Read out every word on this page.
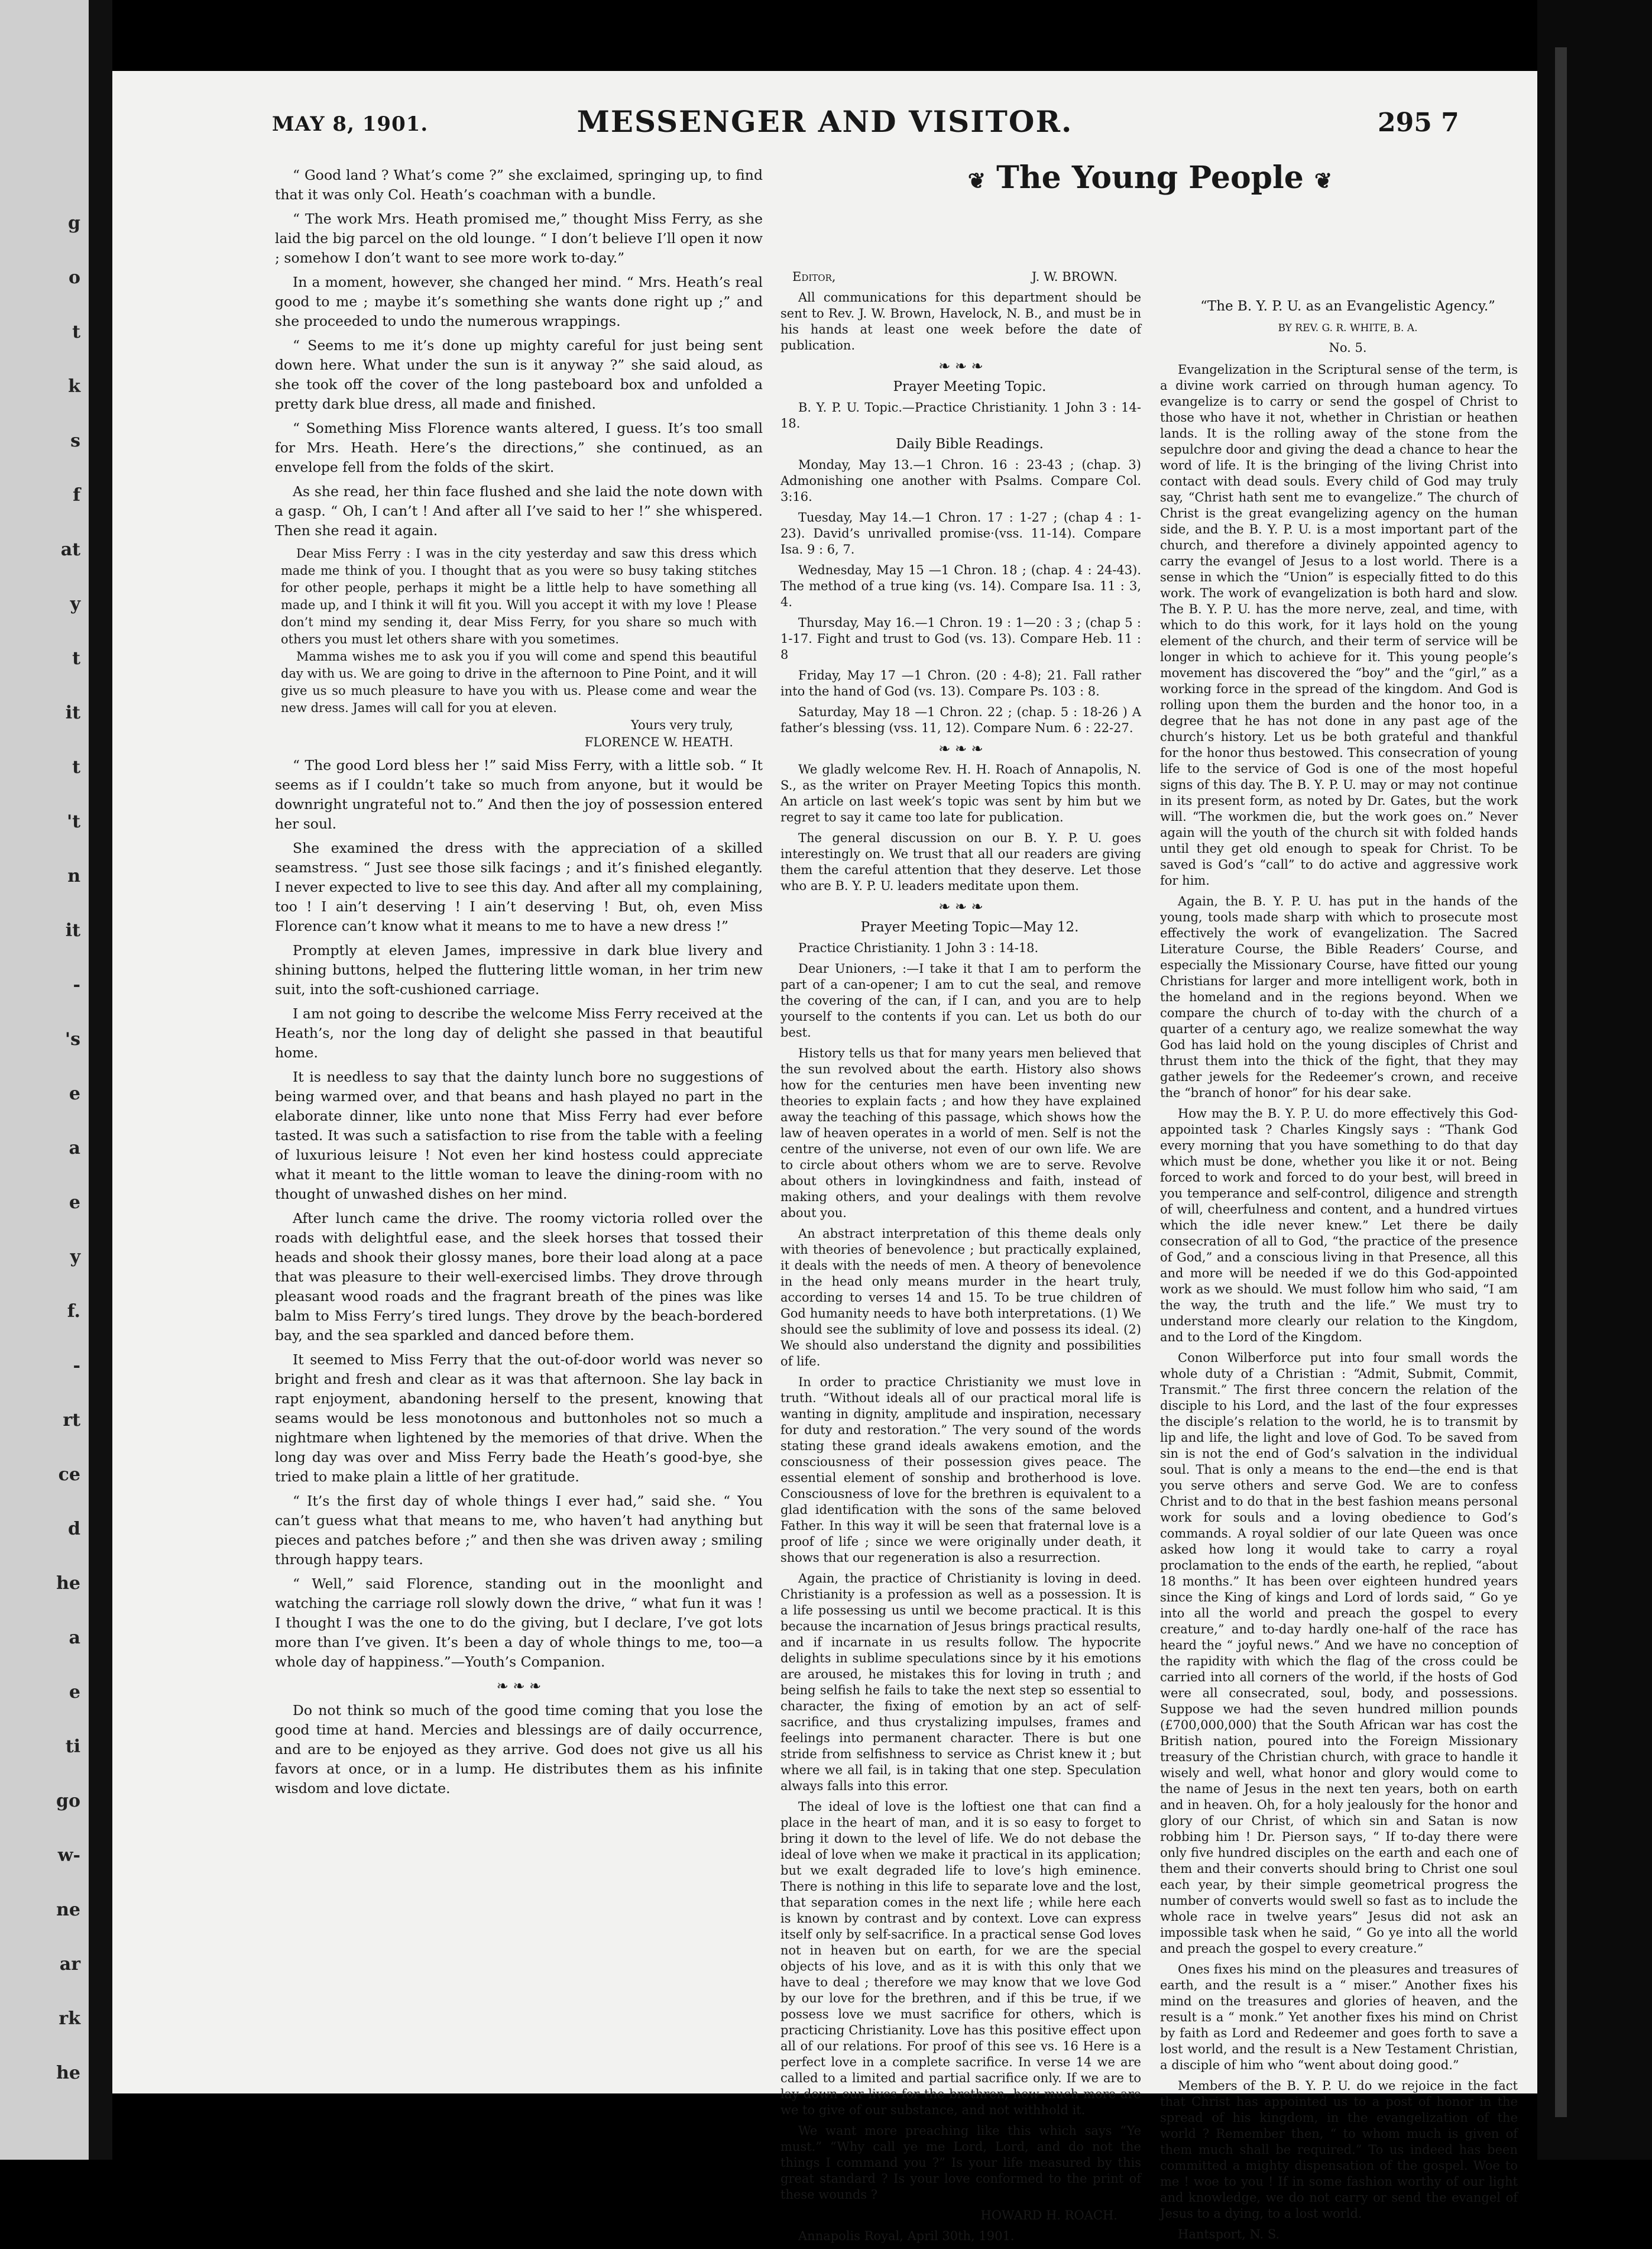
g
o
t
k
s
f
at
y
t
it
t
't
n
it
-
's
e
a
e
y
f.
-
rt
ce
d
he
a
e
ti
go
w-
ne
ar
rk
he
MESSENGER AND VISITOR.
MAY 8, 1901.	295 7

“ Good land ? What’s come ?” she exclaimed, springing up, to find that it was only Col. Heath’s coachman with a bundle.

“ The work Mrs. Heath promised me,” thought Miss Ferry, as she laid the big parcel on the old lounge. “ I don’t believe I’ll open it now ; somehow I don’t want to see more work to-day.”

In a moment, however, she changed her mind. “ Mrs. Heath’s real good to me ; maybe it’s something she wants done right up ;” and she proceeded to undo the numerous wrappings.

“ Seems to me it’s done up mighty careful for just being sent down here. What under the sun is it anyway ?” she said aloud, as she took off the cover of the long pasteboard box and unfolded a pretty dark blue dress, all made and finished.

“ Something Miss Florence wants altered, I guess. It’s too small for Mrs. Heath. Here’s the directions,” she continued, as an envelope fell from the folds of the skirt.

As she read, her thin face flushed and she laid the note down with a gasp. “ Oh, I can’t ! And after all I’ve said to her !” she whispered. Then she read it again.

Dear Miss Ferry : I was in the city yesterday and saw this dress which made me think of you. I thought that as you were so busy taking stitches for other people, perhaps it might be a little help to have something all made up, and I think it will fit you. Will you accept it with my love ! Please don’t mind my sending it, dear Miss Ferry, for you share so much with others you must let others share with you sometimes.

Mamma wishes me to ask you if you will come and spend this beautiful day with us. We are going to drive in the afternoon to Pine Point, and it will give us so much pleasure to have you with us. Please come and wear the new dress. James will call for you at eleven.

Yours very truly,

FLORENCE W. HEATH.

“ The good Lord bless her !” said Miss Ferry, with a little sob. “ It seems as if I couldn’t take so much from anyone, but it would be downright ungrateful not to.” And then the joy of possession entered her soul.

She examined the dress with the appreciation of a skilled seamstress. “ Just see those silk facings ; and it’s finished elegantly. I never expected to live to see this day. And after all my complaining, too ! I ain’t deserving ! I ain’t deserving ! But, oh, even Miss Florence can’t know what it means to me to have a new dress !”

Promptly at eleven James, impressive in dark blue livery and shining buttons, helped the fluttering little woman, in her trim new suit, into the soft-cushioned carriage.

I am not going to describe the welcome Miss Ferry received at the Heath’s, nor the long day of delight she passed in that beautiful home.

It is needless to say that the dainty lunch bore no suggestions of being warmed over, and that beans and hash played no part in the elaborate dinner, like unto none that Miss Ferry had ever before tasted. It was such a satisfaction to rise from the table with a feeling of luxurious leisure ! Not even her kind hostess could appreciate what it meant to the little woman to leave the dining-room with no thought of unwashed dishes on her mind.

After lunch came the drive. The roomy victoria rolled over the roads with delightful ease, and the sleek horses that tossed their heads and shook their glossy manes, bore their load along at a pace that was pleasure to their well-exercised limbs. They drove through pleasant wood roads and the fragrant breath of the pines was like balm to Miss Ferry’s tired lungs. They drove by the beach-bordered bay, and the sea sparkled and danced before them.

It seemed to Miss Ferry that the out-of-door world was never so bright and fresh and clear as it was that afternoon. She lay back in rapt enjoyment, abandoning herself to the present, knowing that seams would be less monotonous and buttonholes not so much a nightmare when lightened by the memories of that drive. When the long day was over and Miss Ferry bade the Heath’s good-bye, she tried to make plain a little of her gratitude.

“ It’s the first day of whole things I ever had,” said she. “ You can’t guess what that means to me, who haven’t had anything but pieces and patches before ;” and then she was driven away ; smiling through happy tears.

“ Well,” said Florence, standing out in the moonlight and watching the carriage roll slowly down the drive, “ what fun it was ! I thought I was the one to do the giving, but I declare, I’ve got lots more than I’ve given. It’s been a day of whole things to me, too—a whole day of happiness.”—Youth’s Companion.

❧ ❧ ❧

Do not think so much of the good time coming that you lose the good time at hand. Mercies and blessings are of daily occurrence, and are to be enjoyed as they arrive. God does not give us all his favors at once, or in a lump. He distributes them as his infinite wisdom and love dictate.

❦ The Young People ❦

Editor,	J. W. BROWN.

All communications for this department should be sent to Rev. J. W. Brown, Havelock, N. B., and must be in his hands at least one week before the date of publication.

❧ ❧ ❧

Prayer Meeting Topic.

B. Y. P. U. Topic.—Practice Christianity. 1 John 3 : 14-18.

Daily Bible Readings.

Monday, May 13.—1 Chron. 16 : 23-43 ; (chap. 3) Admonishing one another with Psalms. Compare Col. 3:16.

Tuesday, May 14.—1 Chron. 17 : 1-27 ; (chap 4 : 1-23). David’s unrivalled promise·(vss. 11-14). Compare Isa. 9 : 6, 7.

Wednesday, May 15 —1 Chron. 18 ; (chap. 4 : 24-43). The method of a true king (vs. 14). Compare Isa. 11 : 3, 4.

Thursday, May 16.—1 Chron. 19 : 1—20 : 3 ; (chap 5 : 1-17. Fight and trust to God (vs. 13). Compare Heb. 11 : 8

Friday, May 17 —1 Chron. (20 : 4-8); 21. Fall rather into the hand of God (vs. 13). Compare Ps. 103 : 8.

Saturday, May 18 —1 Chron. 22 ; (chap. 5 : 18-26 ) A father’s blessing (vss. 11, 12). Compare Num. 6 : 22-27.

❧ ❧ ❧

We gladly welcome Rev. H. H. Roach of Annapolis, N. S., as the writer on Prayer Meeting Topics this month. An article on last week’s topic was sent by him but we regret to say it came too late for publication.

The general discussion on our B. Y. P. U. goes interestingly on. We trust that all our readers are giving them the careful attention that they deserve. Let those who are B. Y. P. U. leaders meditate upon them.

❧ ❧ ❧

Prayer Meeting Topic—May 12.

Practice Christianity. 1 John 3 : 14-18.

Dear Unioners, :—I take it that I am to perform the part of a can-opener; I am to cut the seal, and remove the covering of the can, if I can, and you are to help yourself to the contents if you can. Let us both do our best.

History tells us that for many years men believed that the sun revolved about the earth. History also shows how for the centuries men have been inventing new theories to explain facts ; and how they have explained away the teaching of this passage, which shows how the law of heaven operates in a world of men. Self is not the centre of the universe, not even of our own life. We are to circle about others whom we are to serve. Revolve about others in lovingkindness and faith, instead of making others, and your dealings with them revolve about you.

An abstract interpretation of this theme deals only with theories of benevolence ; but practically explained, it deals with the needs of men. A theory of benevolence in the head only means murder in the heart truly, according to verses 14 and 15. To be true children of God humanity needs to have both interpretations. (1) We should see the sublimity of love and possess its ideal. (2) We should also understand the dignity and possibilities of life.

In order to practice Christianity we must love in truth. “Without ideals all of our practical moral life is wanting in dignity, amplitude and inspiration, necessary for duty and restoration.” The very sound of the words stating these grand ideals awakens emotion, and the consciousness of their possession gives peace. The essential element of sonship and brotherhood is love. Consciousness of love for the brethren is equivalent to a glad identification with the sons of the same beloved Father. In this way it will be seen that fraternal love is a proof of life ; since we were originally under death, it shows that our regeneration is also a resurrection.

Again, the practice of Christianity is loving in deed. Christianity is a profession as well as a possession. It is a life possessing us until we become practical. It is this because the incarnation of Jesus brings practical results, and if incarnate in us results follow. The hypocrite delights in sublime speculations since by it his emotions are aroused, he mistakes this for loving in truth ; and being selfish he fails to take the next step so essential to character, the fixing of emotion by an act of self-sacrifice, and thus crystalizing impulses, frames and feelings into permanent character. There is but one stride from selfishness to service as Christ knew it ; but where we all fail, is in taking that one step. Speculation always falls into this error.

The ideal of love is the loftiest one that can find a place in the heart of man, and it is so easy to forget to bring it down to the level of life. We do not debase the ideal of love when we make it practical in its application; but we exalt degraded life to love’s high eminence. There is nothing in this life to separate love and the lost, that separation comes in the next life ; while here each is known by contrast and by context. Love can express itself only by self-sacrifice. In a practical sense God loves not in heaven but on earth, for we are the special objects of his love, and as it is with this only that we have to deal ; therefore we may know that we love God by our love for the brethren, and if this be true, if we possess love we must sacrifice for others, which is practicing Christianity. Love has this positive effect upon all of our relations. For proof of this see vs. 16 Here is a perfect love in a complete sacrifice. In verse 14 we are called to a limited and partial sacrifice only. If we are to lay down our lives for the brethren, how much more are we to give of our substance, and not withhold it.

We want more preaching like this which says “Ye must.” “Why call ye me Lord, Lord, and do not the things I command you ?” Is your life measured by this great standard ? Is your love conformed to the print of these wounds ?

HOWARD H. ROACH.

Annapolis Royal, April 30th, 1901.

“The B. Y. P. U. as an Evangelistic Agency.”

BY REV. G. R. WHITE, B. A.

No. 5.

Evangelization in the Scriptural sense of the term, is a divine work carried on through human agency. To evangelize is to carry or send the gospel of Christ to those who have it not, whether in Christian or heathen lands. It is the rolling away of the stone from the sepulchre door and giving the dead a chance to hear the word of life. It is the bringing of the living Christ into contact with dead souls. Every child of God may truly say, “Christ hath sent me to evangelize.” The church of Christ is the great evangelizing agency on the human side, and the B. Y. P. U. is a most important part of the church, and therefore a divinely appointed agency to carry the evangel of Jesus to a lost world. There is a sense in which the “Union” is especially fitted to do this work. The work of evangelization is both hard and slow. The B. Y. P. U. has the more nerve, zeal, and time, with which to do this work, for it lays hold on the young element of the church, and their term of service will be longer in which to achieve for it. This young people’s movement has discovered the “boy” and the “girl,” as a working force in the spread of the kingdom. And God is rolling upon them the burden and the honor too, in a degree that he has not done in any past age of the church’s history. Let us be both grateful and thankful for the honor thus bestowed. This consecration of young life to the service of God is one of the most hopeful signs of this day. The B. Y. P. U. may or may not continue in its present form, as noted by Dr. Gates, but the work will. “The workmen die, but the work goes on.” Never again will the youth of the church sit with folded hands until they get old enough to speak for Christ. To be saved is God’s “call” to do active and aggressive work for him.

Again, the B. Y. P. U. has put in the hands of the young, tools made sharp with which to prosecute most effectively the work of evangelization. The Sacred Literature Course, the Bible Readers’ Course, and especially the Missionary Course, have fitted our young Christians for larger and more intelligent work, both in the homeland and in the regions beyond. When we compare the church of to-day with the church of a quarter of a century ago, we realize somewhat the way God has laid hold on the young disciples of Christ and thrust them into the thick of the fight, that they may gather jewels for the Redeemer’s crown, and receive the “branch of honor” for his dear sake.

How may the B. Y. P. U. do more effectively this God-appointed task ? Charles Kingsly says : “Thank God every morning that you have something to do that day which must be done, whether you like it or not. Being forced to work and forced to do your best, will breed in you temperance and self-control, diligence and strength of will, cheerfulness and content, and a hundred virtues which the idle never knew.” Let there be daily consecration of all to God, “the practice of the presence of God,” and a conscious living in that Presence, all this and more will be needed if we do this God-appointed work as we should. We must follow him who said, “I am the way, the truth and the life.” We must try to understand more clearly our relation to the Kingdom, and to the Lord of the Kingdom.

Conon Wilberforce put into four small words the whole duty of a Christian : “Admit, Submit, Commit, Transmit.” The first three concern the relation of the disciple to his Lord, and the last of the four expresses the disciple’s relation to the world, he is to transmit by lip and life, the light and love of God. To be saved from sin is not the end of God’s salvation in the individual soul. That is only a means to the end—the end is that you serve others and serve God. We are to confess Christ and to do that in the best fashion means personal work for souls and a loving obedience to God’s commands. A royal soldier of our late Queen was once asked how long it would take to carry a royal proclamation to the ends of the earth, he replied, “about 18 months.” It has been over eighteen hundred years since the King of kings and Lord of lords said, “ Go ye into all the world and preach the gospel to every creature,” and to-day hardly one-half of the race has heard the “ joyful news.” And we have no conception of the rapidity with which the flag of the cross could be carried into all corners of the world, if the hosts of God were all consecrated, soul, body, and possessions. Suppose we had the seven hundred million pounds (£700,000,000) that the South African war has cost the British nation, poured into the Foreign Missionary treasury of the Christian church, with grace to handle it wisely and well, what honor and glory would come to the name of Jesus in the next ten years, both on earth and in heaven. Oh, for a holy jealously for the honor and glory of our Christ, of which sin and Satan is now robbing him ! Dr. Pierson says, “ If to-day there were only five hundred disciples on the earth and each one of them and their converts should bring to Christ one soul each year, by their simple geometrical progress the number of converts would swell so fast as to include the whole race in twelve years” Jesus did not ask an impossible task when he said, “ Go ye into all the world and preach the gospel to every creature.”

Ones fixes his mind on the pleasures and treasures of earth, and the result is a “ miser.” Another fixes his mind on the treasures and glories of heaven, and the result is a “ monk.” Yet another fixes his mind on Christ by faith as Lord and Redeemer and goes forth to save a lost world, and the result is a New Testament Christian, a disciple of him who “went about doing good.”

Members of the B. Y. P. U. do we rejoice in the fact that Christ has appointed us to a post of honor in the spread of his kingdom, in the evangelization of the world ? Remember then, “ to whom much is given of them much shall be required.” To us indeed has been committed a mighty dispensation of the gospel. Woe to me ! woe to you ! If in some fashion worthy of our light and knowledge, we do not carry or send the evangel of Jesus to a dying, to a lost world.

Hantsport, N. S.
